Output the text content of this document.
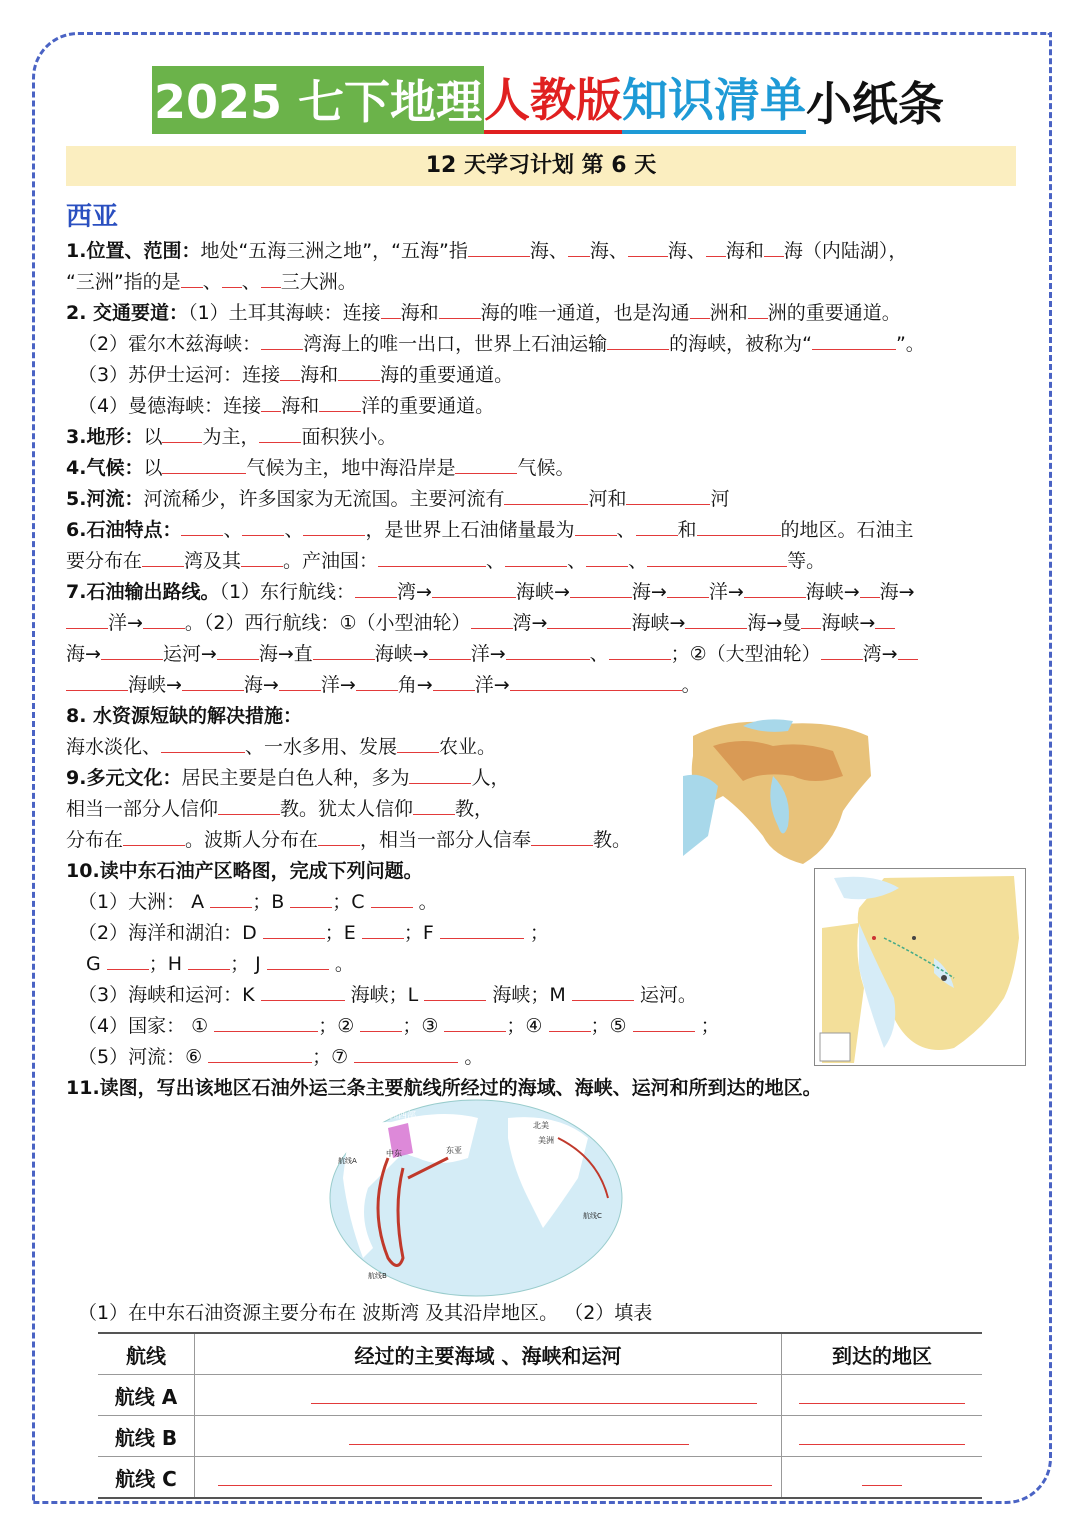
2025 七下地理 人教版 知识清单 小纸条
12 天学习计划 第 6 天
西亚
1.位置、范围：地处“五海三洲之地”，“五海”指	海、 海、 海、 海和 海（内陆湖），
“三洲”指的是 、 、 三大洲。
2. 交通要道：（1）土耳其海峡：连接 海和 海的唯一通道，也是沟通 洲和 洲的重要通道。
（2）霍尔木兹海峡： 湾海上的唯一出口，世界上石油运输	的海峡，被称为“	”。
（3）苏伊士运河：连接 海和 海的重要通道。
（4）曼德海峡：连接 海和 洋的重要通道。
3.地形：以 为主， 面积狭小。
4.气候：以	气候为主，地中海沿岸是	气候。
5.河流：河流稀少，许多国家为无流国。主要河流有	河和	河
6.石油特点： 、 、	，是世界上石油储量最为 、 和	的地区。石油主
要分布在 湾及其 。产油国：	、	、 、	等。
7.石油输出路线。（1）东行航线： 湾→	海峡→	海→ 洋→	海峡→ 海→
洋→ 。（2）西行航线：①（小型油轮） 湾→	海峡→	海→曼 海峡→
海→	运河→ 海→直	海峡→ 洋→	、	；②（大型油轮） 湾→
海峡→	海→ 洋→ 角→ 洋→	。
8. 水资源短缺的解决措施：
海水淡化、	、一水多用、发展 农业。
9.多元文化：居民主要是白色人种，多为	人，
相当一部分人信仰	教。犹太人信仰 教，
分布在	。波斯人分布在 ，相当一部分人信奉	教。
10.读中东石油产区略图，完成下列问题。
（1）大洲： A	；B	；C	。
（2）海洋和湖泊：D	；E	；F	；
G	；H	； J	。
（3）海峡和运河：K	海峡；L	海峡；M	运河。
（4）国家： ①	；②	；③	；④	；⑤	；
（5）河流：⑥	；⑦	。
11.读图，写出该地区石油外运三条主要航线所经过的海域、海峡、运河和所到达的地区。
（1）在中东石油资源主要分布在 波斯湾 及其沿岸地区。 （2）填表
欧洲西部
中东	东亚
北美
美洲
航线A
航线B
航线C
航线	经过的主要海域 、海峡和运河	到达的地区
航线 A		
航线 B		
航线 C		
